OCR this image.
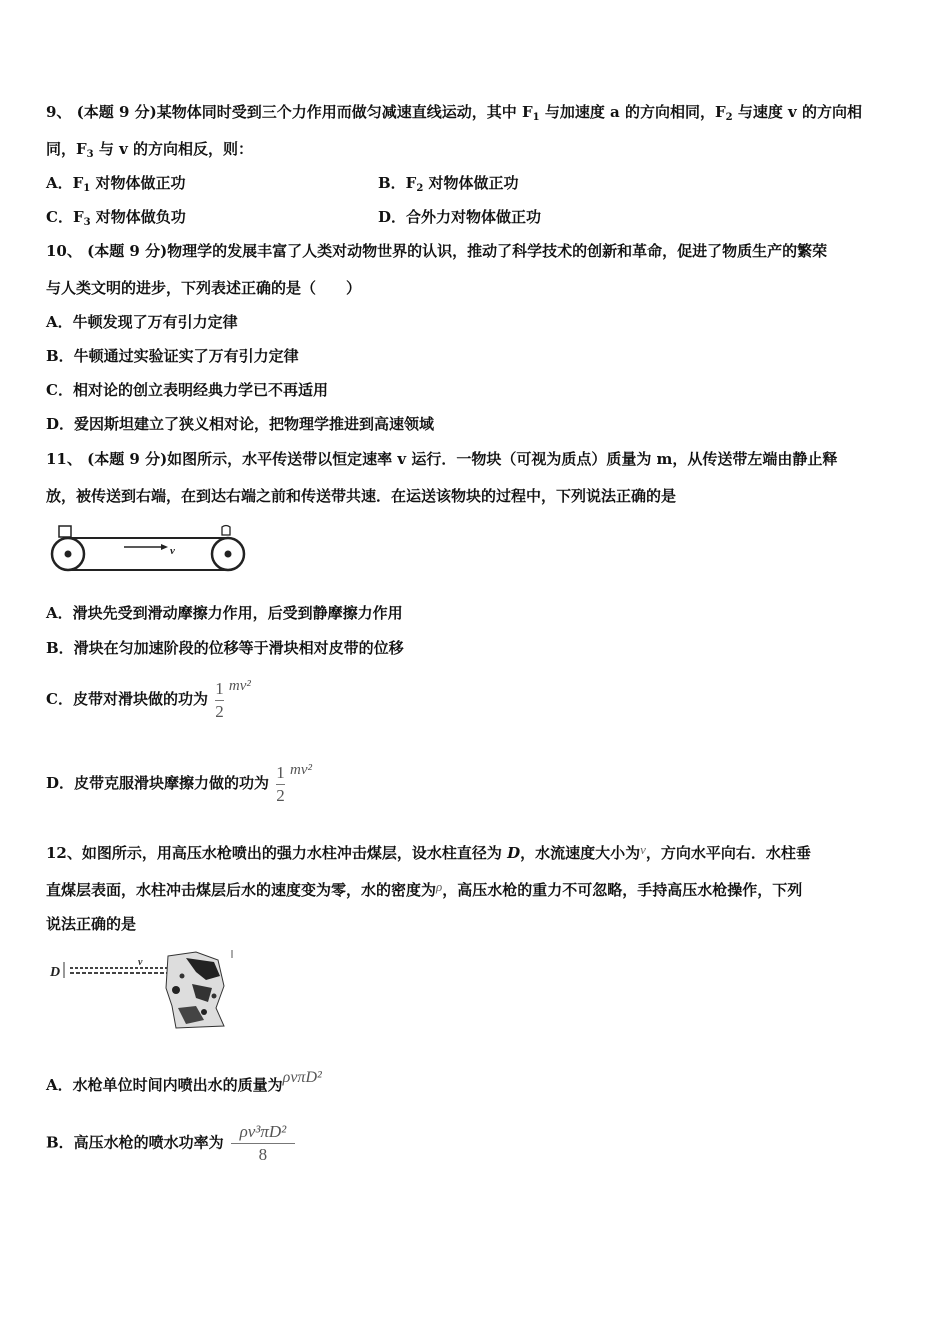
9、 (本题 9 分)某物体同时受到三个力作用而做匀减速直线运动，其中 $F_1$ 与加速度 a 的方向相同，$F_2$ 与速度 v 的方向相
同，$F_3$ 与 v 的方向相反，则：
A．$F_1$ 对物体做正功	B．$F_2$ 对物体做正功
C．$F_3$ 对物体做负功	D．合外力对物体做正功
10、 (本题 9 分)物理学的发展丰富了人类对动物世界的认识，推动了科学技术的创新和革命，促进了物质生产的繁荣
与人类文明的进步，下列表述正确的是（　　）
A．牛顿发现了万有引力定律
B．牛顿通过实验证实了万有引力定律
C．相对论的创立表明经典力学已不再适用
D．爱因斯坦建立了狭义相对论，把物理学推进到高速领域
11、 (本题 9 分)如图所示，水平传送带以恒定速率 v 运行．一物块（可视为质点）质量为 m，从传送带左端由静止释
放，被传送到右端，在到达右端之前和传送带共速．在运送该物块的过程中，下列说法正确的是
v
A．滑块先受到滑动摩擦力作用，后受到静摩擦力作用
B．滑块在匀加速阶段的位移等于滑块相对皮带的位移
C．皮带对滑块做的功为 $\frac{1}{2} mv^2$
D．皮带克服滑块摩擦力做的功为 $\frac{1}{2} mv^2$
12、如图所示，用高压水枪喷出的强力水柱冲击煤层，设水柱直径为 D，水流速度大小为v，方向水平向右．水柱垂
直煤层表面，水柱冲击煤层后水的速度变为零，水的密度为ρ，高压水枪的重力不可忽略，手持高压水枪操作，下列
说法正确的是
D
v
A．水枪单位时间内喷出水的质量为ρvπD²
B．高压水枪的喷水功率为 $\frac{\text{ρv³πD²}}{8}$
